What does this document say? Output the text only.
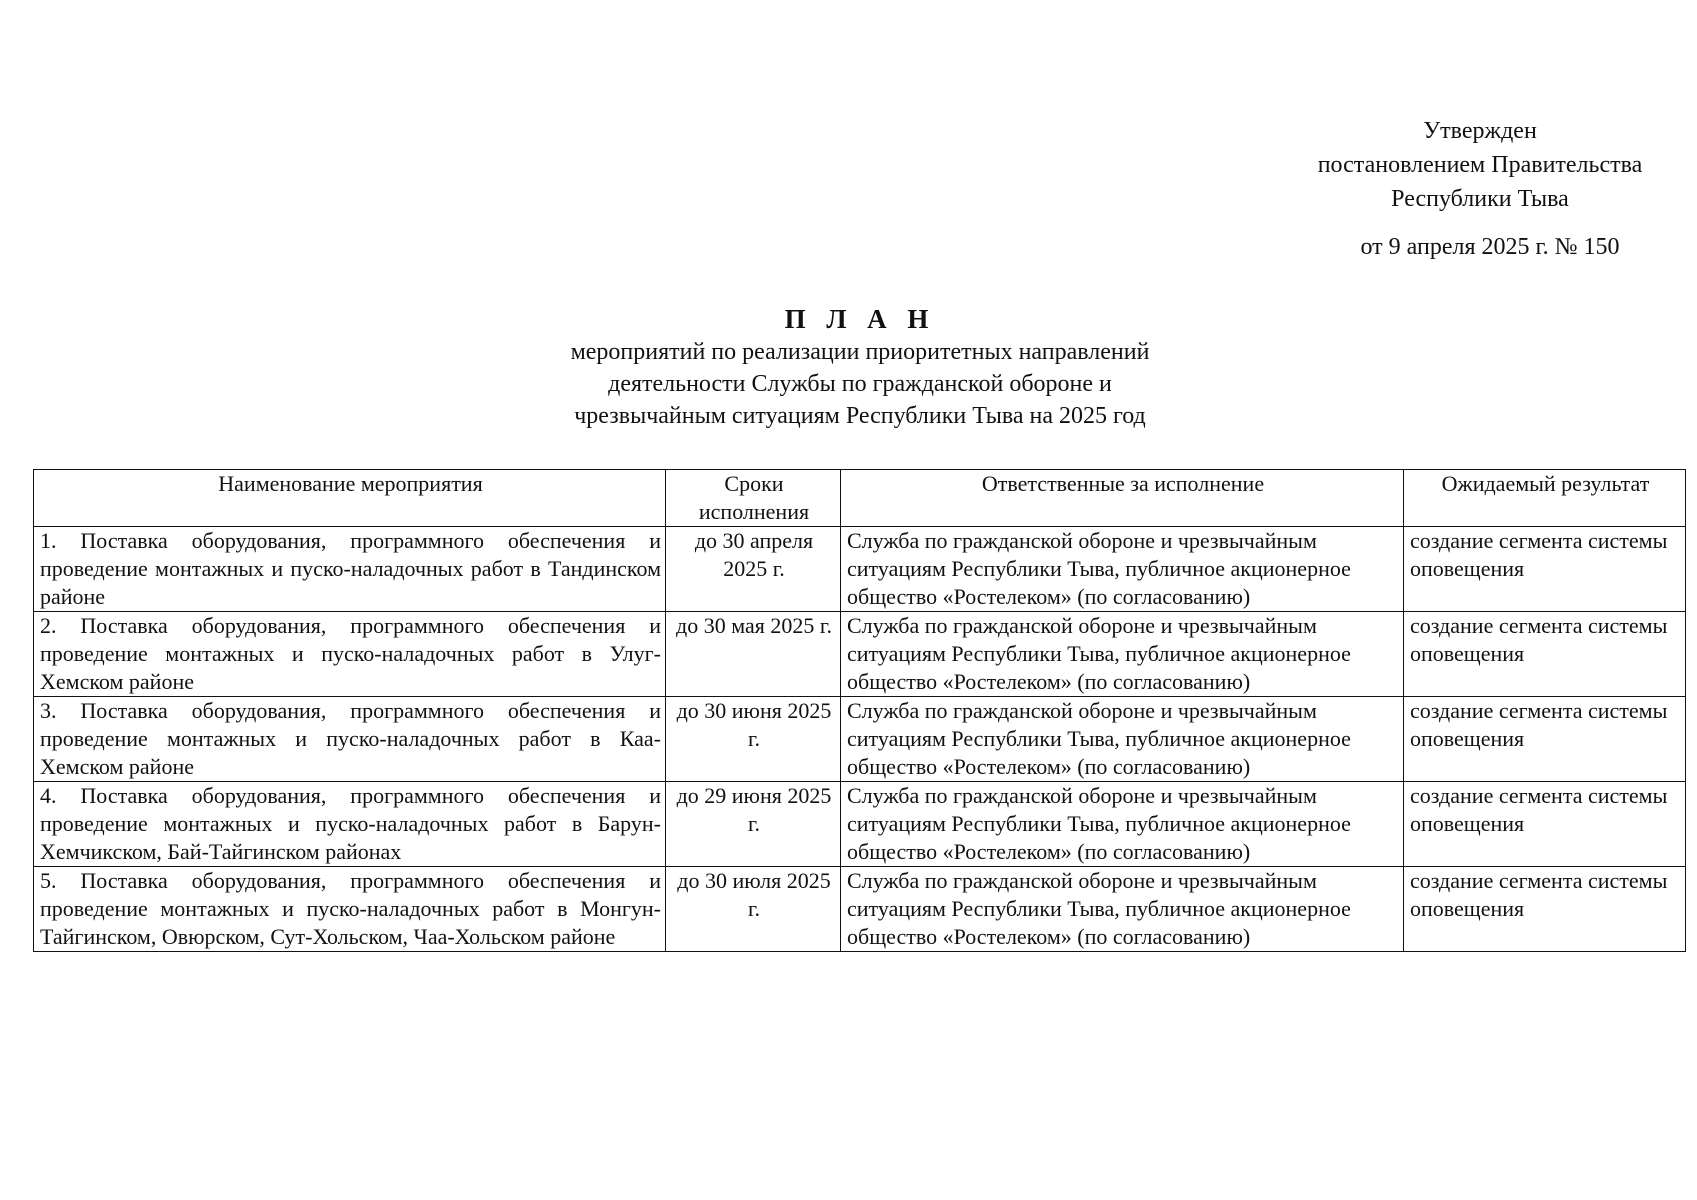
Утвержден
постановлением Правительства
Республики Тыва
от 9 апреля 2025 г. № 150
П Л А Н
мероприятий по реализации приоритетных направлений
деятельности Службы по гражданской обороне и
чрезвычайным ситуациям Республики Тыва на 2025 год
Наименование мероприятия	Сроки исполнения	Ответственные за исполнение	Ожидаемый результат
1. Поставка оборудования, программного обеспечения и проведение монтажных и пуско-наладочных работ в Тандинском районе	до 30 апреля 2025 г.	Служба по гражданской обороне и чрезвычайным ситуациям Республики Тыва, публичное акционерное общество «Ростелеком» (по согласованию)	создание сегмента системы оповещения
2. Поставка оборудования, программного обеспечения и проведение монтажных и пуско-наладочных работ в Улуг-Хемском районе	до 30 мая 2025 г.	Служба по гражданской обороне и чрезвычайным ситуациям Республики Тыва, публичное акционерное общество «Ростелеком» (по согласованию)	создание сегмента системы оповещения
3. Поставка оборудования, программного обеспечения и проведение монтажных и пуско-наладочных работ в Каа-Хемском районе	до 30 июня 2025 г.	Служба по гражданской обороне и чрезвычайным ситуациям Республики Тыва, публичное акционерное общество «Ростелеком» (по согласованию)	создание сегмента системы оповещения
4. Поставка оборудования, программного обеспечения и проведение монтажных и пуско-наладочных работ в Барун-Хемчикском, Бай-Тайгинском районах	до 29 июня 2025 г.	Служба по гражданской обороне и чрезвычайным ситуациям Республики Тыва, публичное акционерное общество «Ростелеком» (по согласованию)	создание сегмента системы оповещения
5. Поставка оборудования, программного обеспечения и проведение монтажных и пуско-наладочных работ в Монгун-Тайгинском, Овюрском, Сут-Хольском, Чаа-Хольском районе	до 30 июля 2025 г.	Служба по гражданской обороне и чрезвычайным ситуациям Республики Тыва, публичное акционерное общество «Ростелеком» (по согласованию)	создание сегмента системы оповещения
